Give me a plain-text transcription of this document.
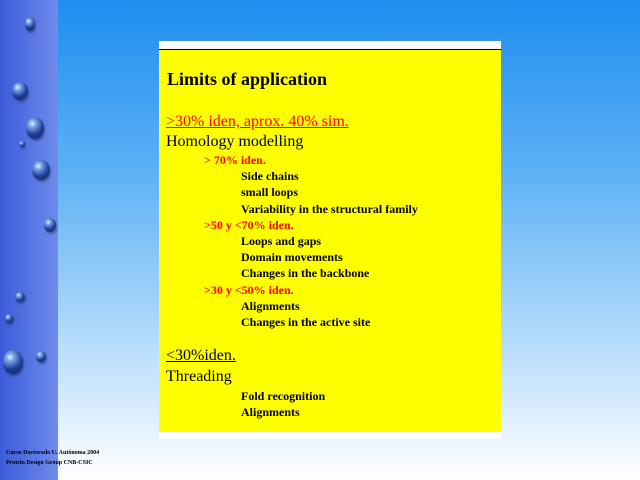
Limits of application
>30% iden, aprox. 40% sim.
Homology modelling
> 70% iden.
Side chains
small loops
Variability in the structural family
>50 y <70% iden.
Loops and gaps
Domain movements
Changes in the backbone
>30 y <50% iden.
Alignments
Changes in the active site
<30%iden.
Threading
Fold recognition
Alignments
Curso Doctorado U. Autónoma 2004
Protein Design Group CNB-CSIC
